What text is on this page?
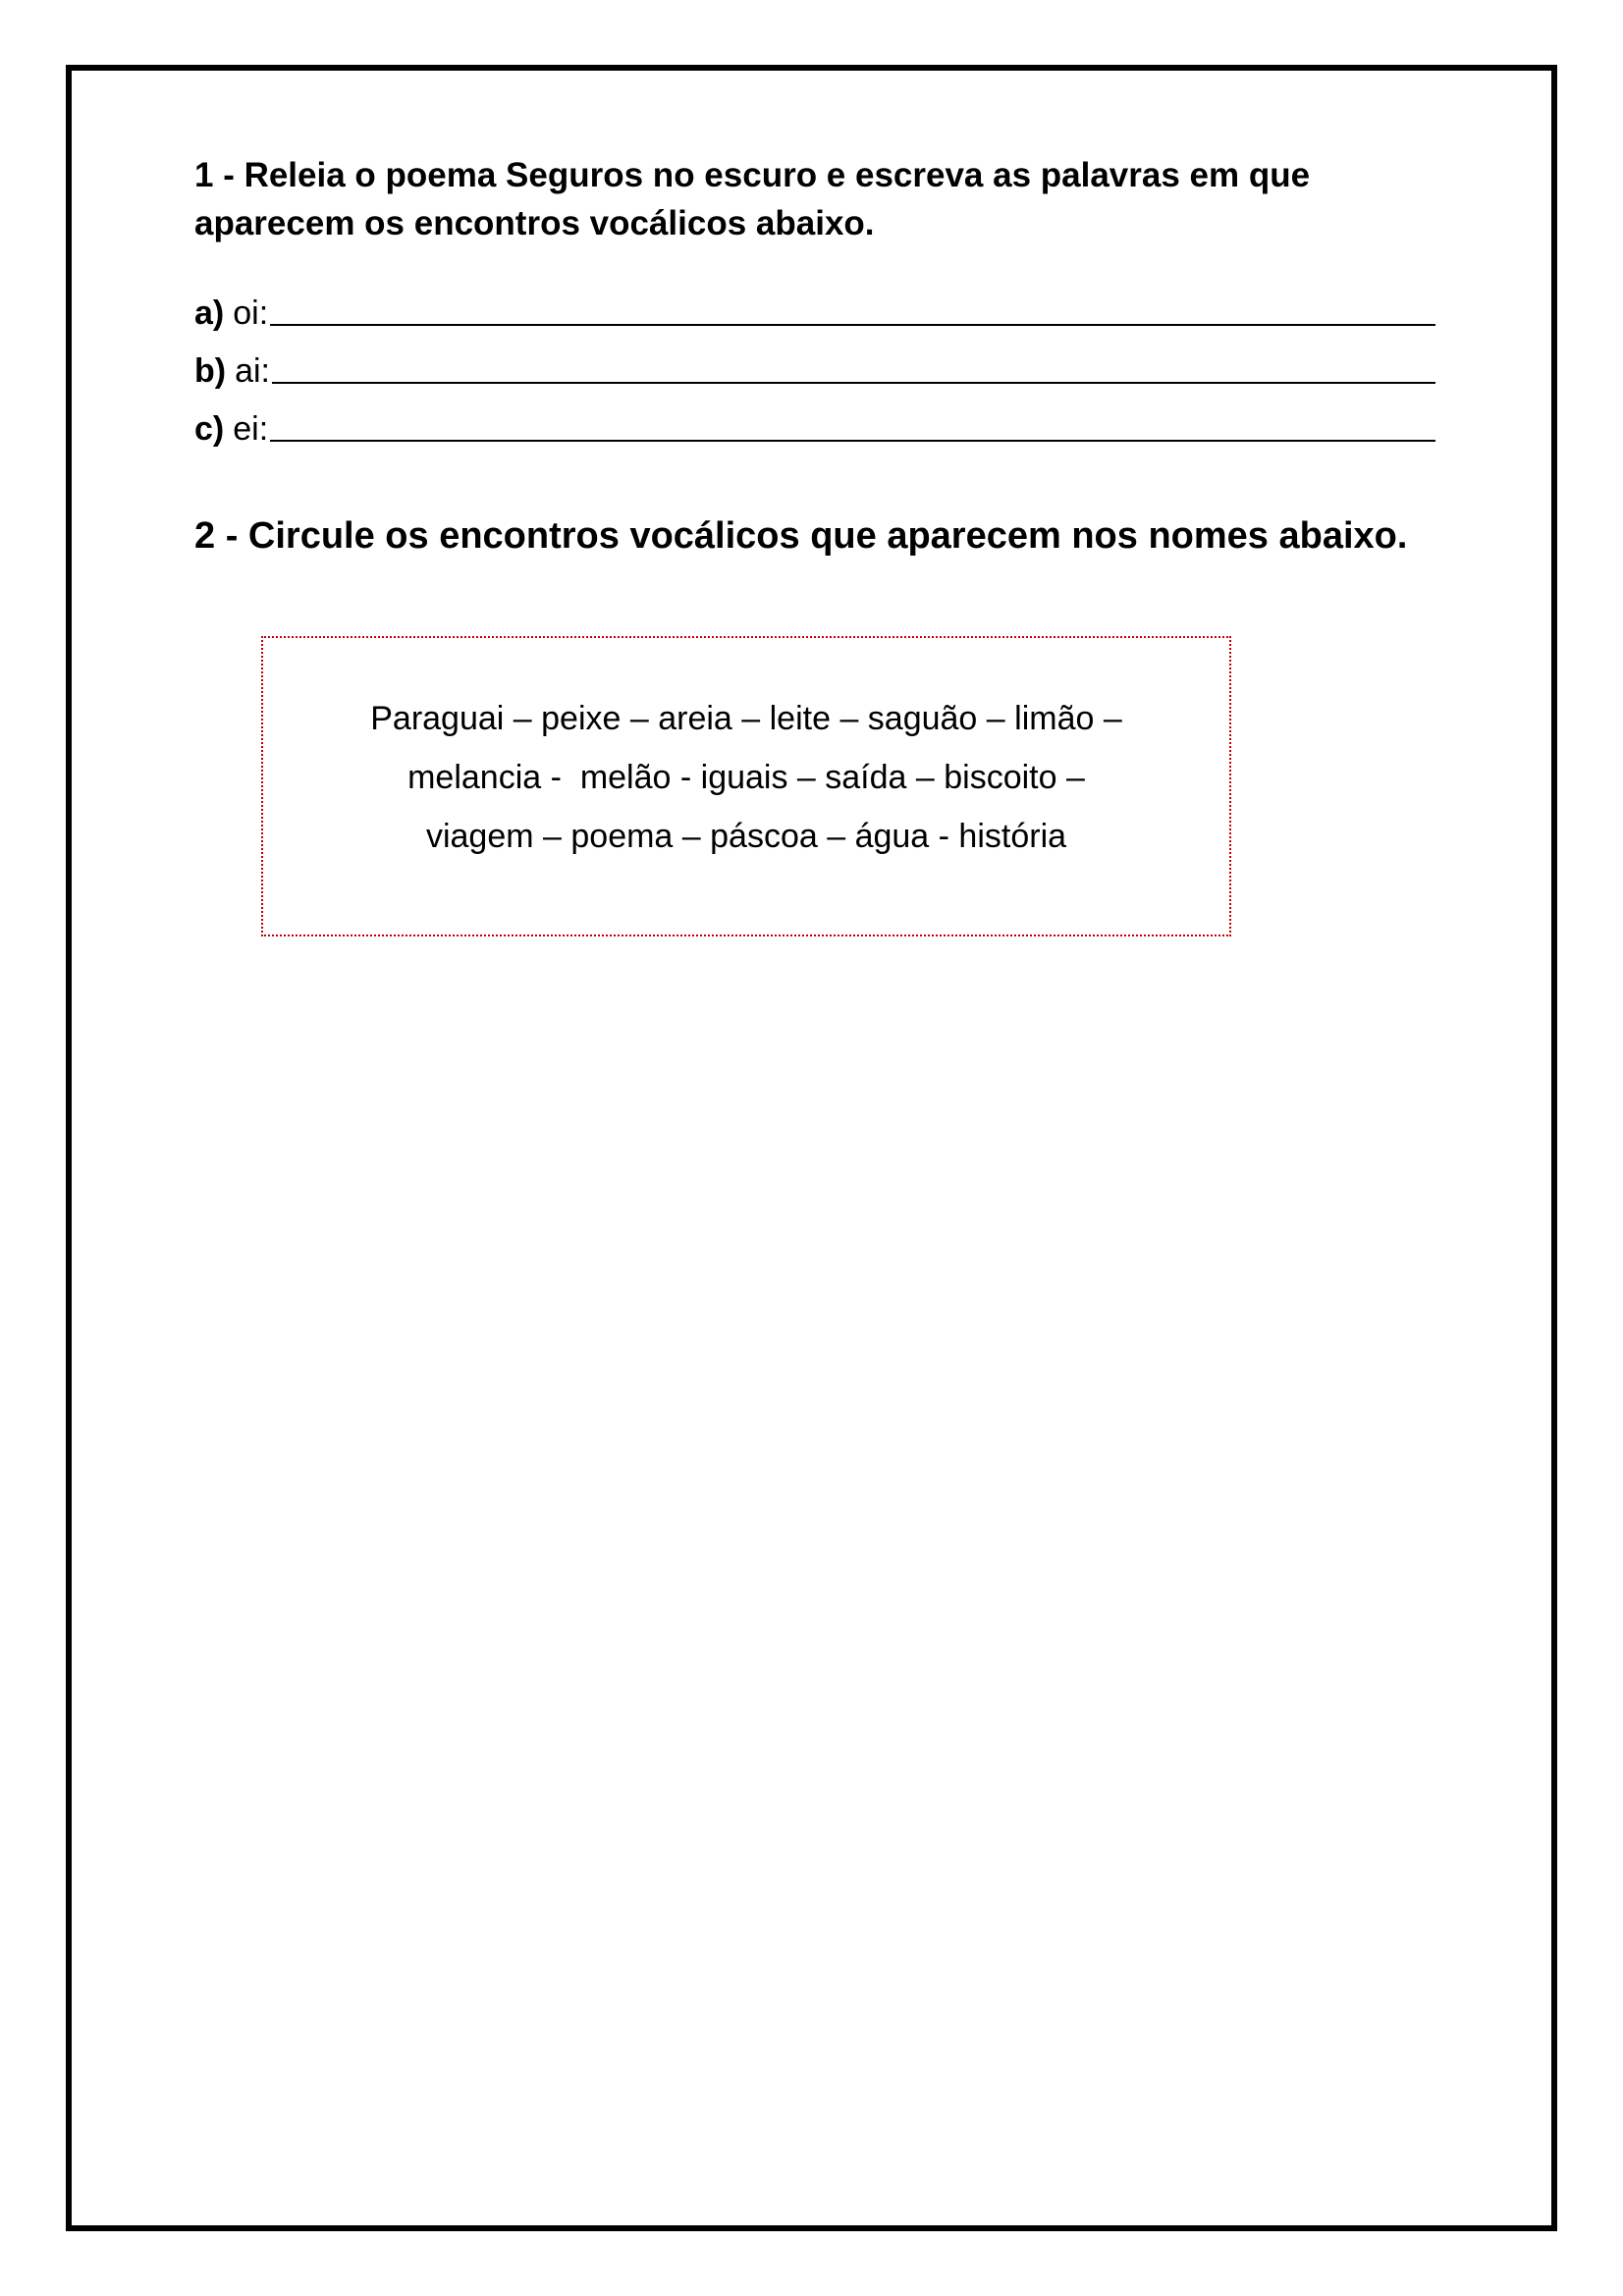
1 - Releia o poema Seguros no escuro e escreva as palavras em que aparecem os encontros vocálicos abaixo.
a) oi:
b) ai:
c) ei:
2 - Circule os encontros vocálicos que aparecem nos nomes abaixo.
Paraguai – peixe – areia – leite – saguão – limão –
melancia -  melão - iguais – saída – biscoito –
viagem – poema – páscoa – água - história
